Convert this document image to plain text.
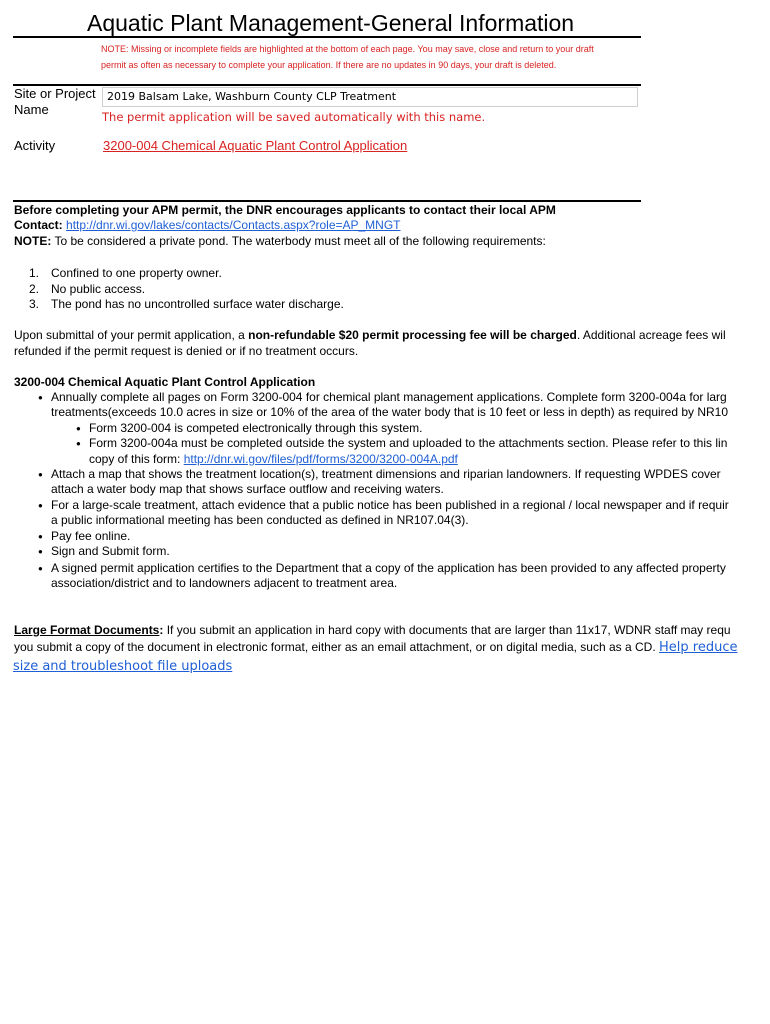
Aquatic Plant Management-General Information
NOTE: Missing or incomplete fields are highlighted at the bottom of each page. You may save, close and return to your draft
permit as often as necessary to complete your application. If there are no updates in 90 days, your draft is deleted.
Site or Project
Name
2019 Balsam Lake, Washburn County CLP Treatment
The permit application will be saved automatically with this name.
Activity	3200-004 Chemical Aquatic Plant Control Application
Before completing your APM permit, the DNR encourages applicants to contact their local APM
Contact: http://dnr.wi.gov/lakes/contacts/Contacts.aspx?role=AP_MNGT
NOTE: To be considered a private pond. The waterbody must meet all of the following requirements:
1. Confined to one property owner.
2. No public access.
3. The pond has no uncontrolled surface water discharge.
Upon submittal of your permit application, a non-refundable $20 permit processing fee will be charged. Additional acreage fees wil
refunded if the permit request is denied or if no treatment occurs.
3200-004 Chemical Aquatic Plant Control Application
● Annually complete all pages on Form 3200-004 for chemical plant management applications. Complete form 3200-004a for larg
treatments(exceeds 10.0 acres in size or 10% of the area of the water body that is 10 feet or less in depth) as required by NR10
● Form 3200-004 is competed electronically through this system.
● Form 3200-004a must be completed outside the system and uploaded to the attachments section. Please refer to this lin
copy of this form: http://dnr.wi.gov/files/pdf/forms/3200/3200-004A.pdf
● Attach a map that shows the treatment location(s), treatment dimensions and riparian landowners. If requesting WPDES cover
attach a water body map that shows surface outflow and receiving waters.
● For a large-scale treatment, attach evidence that a public notice has been published in a regional / local newspaper and if requir
a public informational meeting has been conducted as defined in NR107.04(3).
● Pay fee online.
● Sign and Submit form.
● A signed permit application certifies to the Department that a copy of the application has been provided to any affected property
association/district and to landowners adjacent to treatment area.
Large Format Documents: If you submit an application in hard copy with documents that are larger than 11x17, WDNR staff may requ
you submit a copy of the document in electronic format, either as an email attachment, or on digital media, such as a CD. Help reduce
size and troubleshoot file uploads
